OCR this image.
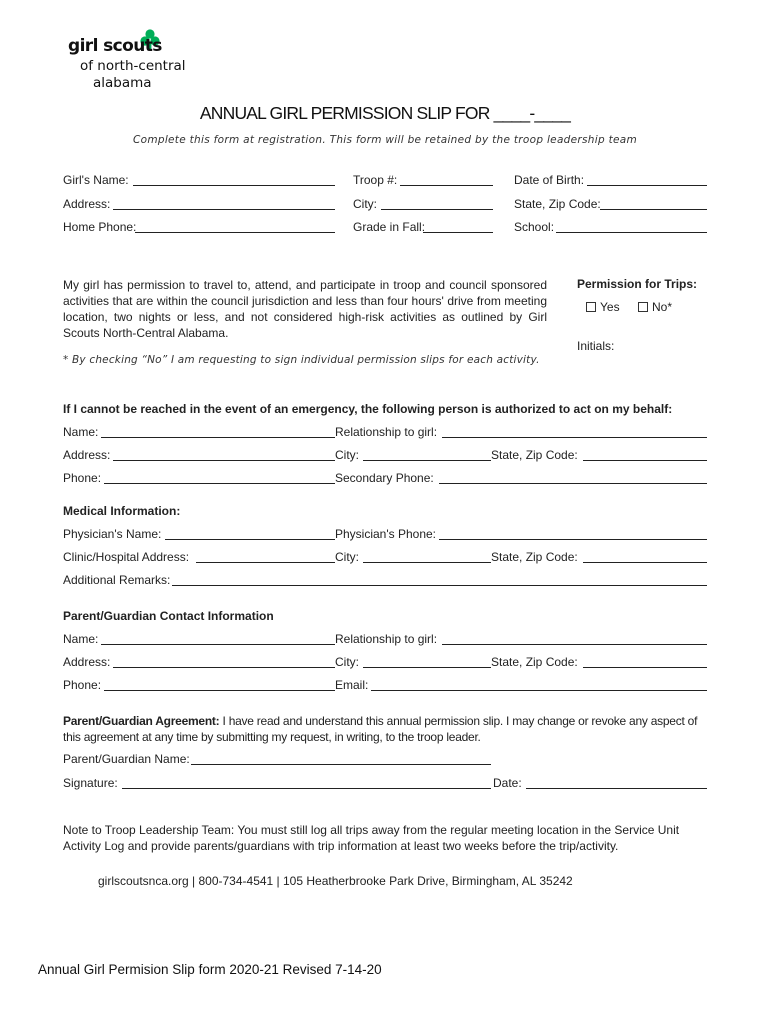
girl scouts
of north-central
alabama
ANNUAL GIRL PERMISSION SLIP FOR ____-____
Complete this form at registration. This form will be retained by the troop leadership team
Girl's Name:	Troop #:	Date of Birth:
Address:	City:	State, Zip Code:
Home Phone:	Grade in Fall:	School:
My girl has permission to travel to, attend, and participate in troop and council sponsored activities that are within the council jurisdiction and less than four hours' drive from meeting location, two nights or less, and not considered high-risk activities as outlined by Girl Scouts North-Central Alabama.
Permission for Trips:
Yes	No*
Initials:
* By checking “No” I am requesting to sign individual permission slips for each activity.
If I cannot be reached in the event of an emergency, the following person is authorized to act on my behalf:
Name:	Relationship to girl:
Address:	City:	State, Zip Code:
Phone:	Secondary Phone:
Medical Information:
Physician's Name:	Physician's Phone:
Clinic/Hospital Address:	City:	State, Zip Code:
Additional Remarks:
Parent/Guardian Contact Information
Name:	Relationship to girl:
Address:	City:	State, Zip Code:
Phone:	Email:
Parent/Guardian Agreement: I have read and understand this annual permission slip. I may change or revoke any aspect of this agreement at any time by submitting my request, in writing, to the troop leader.
Parent/Guardian Name:
Signature:	Date:
Note to Troop Leadership Team: You must still log all trips away from the regular meeting location in the Service Unit Activity Log and provide parents/guardians with trip information at least two weeks before the trip/activity.
girlscoutsnca.org | 800-734-4541 | 105 Heatherbrooke Park Drive, Birmingham, AL 35242
Annual Girl Permision Slip form 2020-21 Revised 7-14-20
